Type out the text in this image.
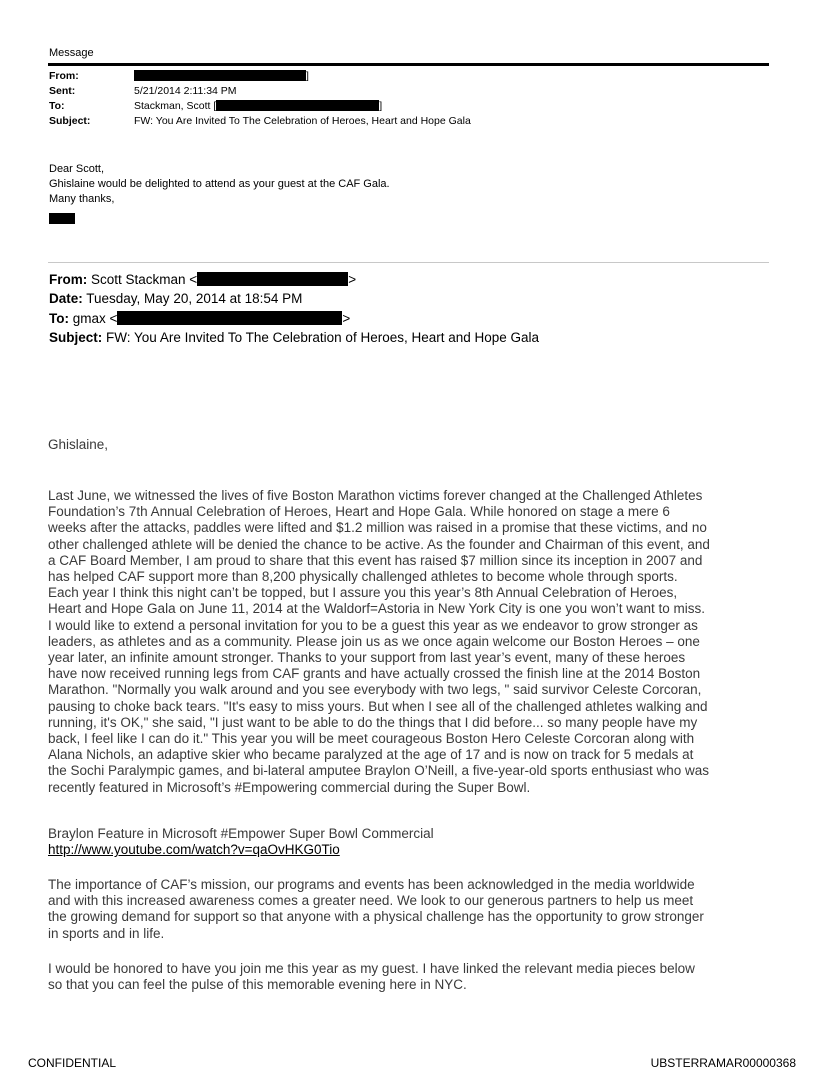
Message
From:	]
Sent:	5/21/2014 2:11:34 PM
To:	Stackman, Scott [	]
Subject:	FW: You Are Invited To The Celebration of Heroes, Heart and Hope Gala
Dear Scott,
Ghislaine would be delighted to attend as your guest at the CAF Gala.
Many thanks,
From: Scott Stackman <	>
Date: Tuesday, May 20, 2014 at 18:54 PM
To: gmax <	>
Subject: FW: You Are Invited To The Celebration of Heroes, Heart and Hope Gala
Ghislaine,
Last June, we witnessed the lives of five Boston Marathon victims forever changed at the Challenged Athletes
Foundation’s 7th Annual Celebration of Heroes, Heart and Hope Gala. While honored on stage a mere 6
weeks after the attacks, paddles were lifted and $1.2 million was raised in a promise that these victims, and no
other challenged athlete will be denied the chance to be active. As the founder and Chairman of this event, and
a CAF Board Member, I am proud to share that this event has raised $7 million since its inception in 2007 and
has helped CAF support more than 8,200 physically challenged athletes to become whole through sports.
Each year I think this night can’t be topped, but I assure you this year’s 8th Annual Celebration of Heroes,
Heart and Hope Gala on June 11, 2014 at the Waldorf=Astoria in New York City is one you won’t want to miss.
I would like to extend a personal invitation for you to be a guest this year as we endeavor to grow stronger as
leaders, as athletes and as a community. Please join us as we once again welcome our Boston Heroes – one
year later, an infinite amount stronger. Thanks to your support from last year’s event, many of these heroes
have now received running legs from CAF grants and have actually crossed the finish line at the 2014 Boston
Marathon. "Normally you walk around and you see everybody with two legs, " said survivor Celeste Corcoran,
pausing to choke back tears. "It's easy to miss yours. But when I see all of the challenged athletes walking and
running, it's OK," she said, "I just want to be able to do the things that I did before... so many people have my
back, I feel like I can do it." This year you will be meet courageous Boston Hero Celeste Corcoran along with
Alana Nichols, an adaptive skier who became paralyzed at the age of 17 and is now on track for 5 medals at
the Sochi Paralympic games, and bi-lateral amputee Braylon O’Neill, a five-year-old sports enthusiast who was
recently featured in Microsoft’s #Empowering commercial during the Super Bowl.
Braylon Feature in Microsoft #Empower Super Bowl Commercial
http://www.youtube.com/watch?v=qaOvHKG0Tio
The importance of CAF’s mission, our programs and events has been acknowledged in the media worldwide
and with this increased awareness comes a greater need. We look to our generous partners to help us meet
the growing demand for support so that anyone with a physical challenge has the opportunity to grow stronger
in sports and in life.
I would be honored to have you join me this year as my guest. I have linked the relevant media pieces below
so that you can feel the pulse of this memorable evening here in NYC.
CONFIDENTIAL	UBSTERRAMAR00000368
